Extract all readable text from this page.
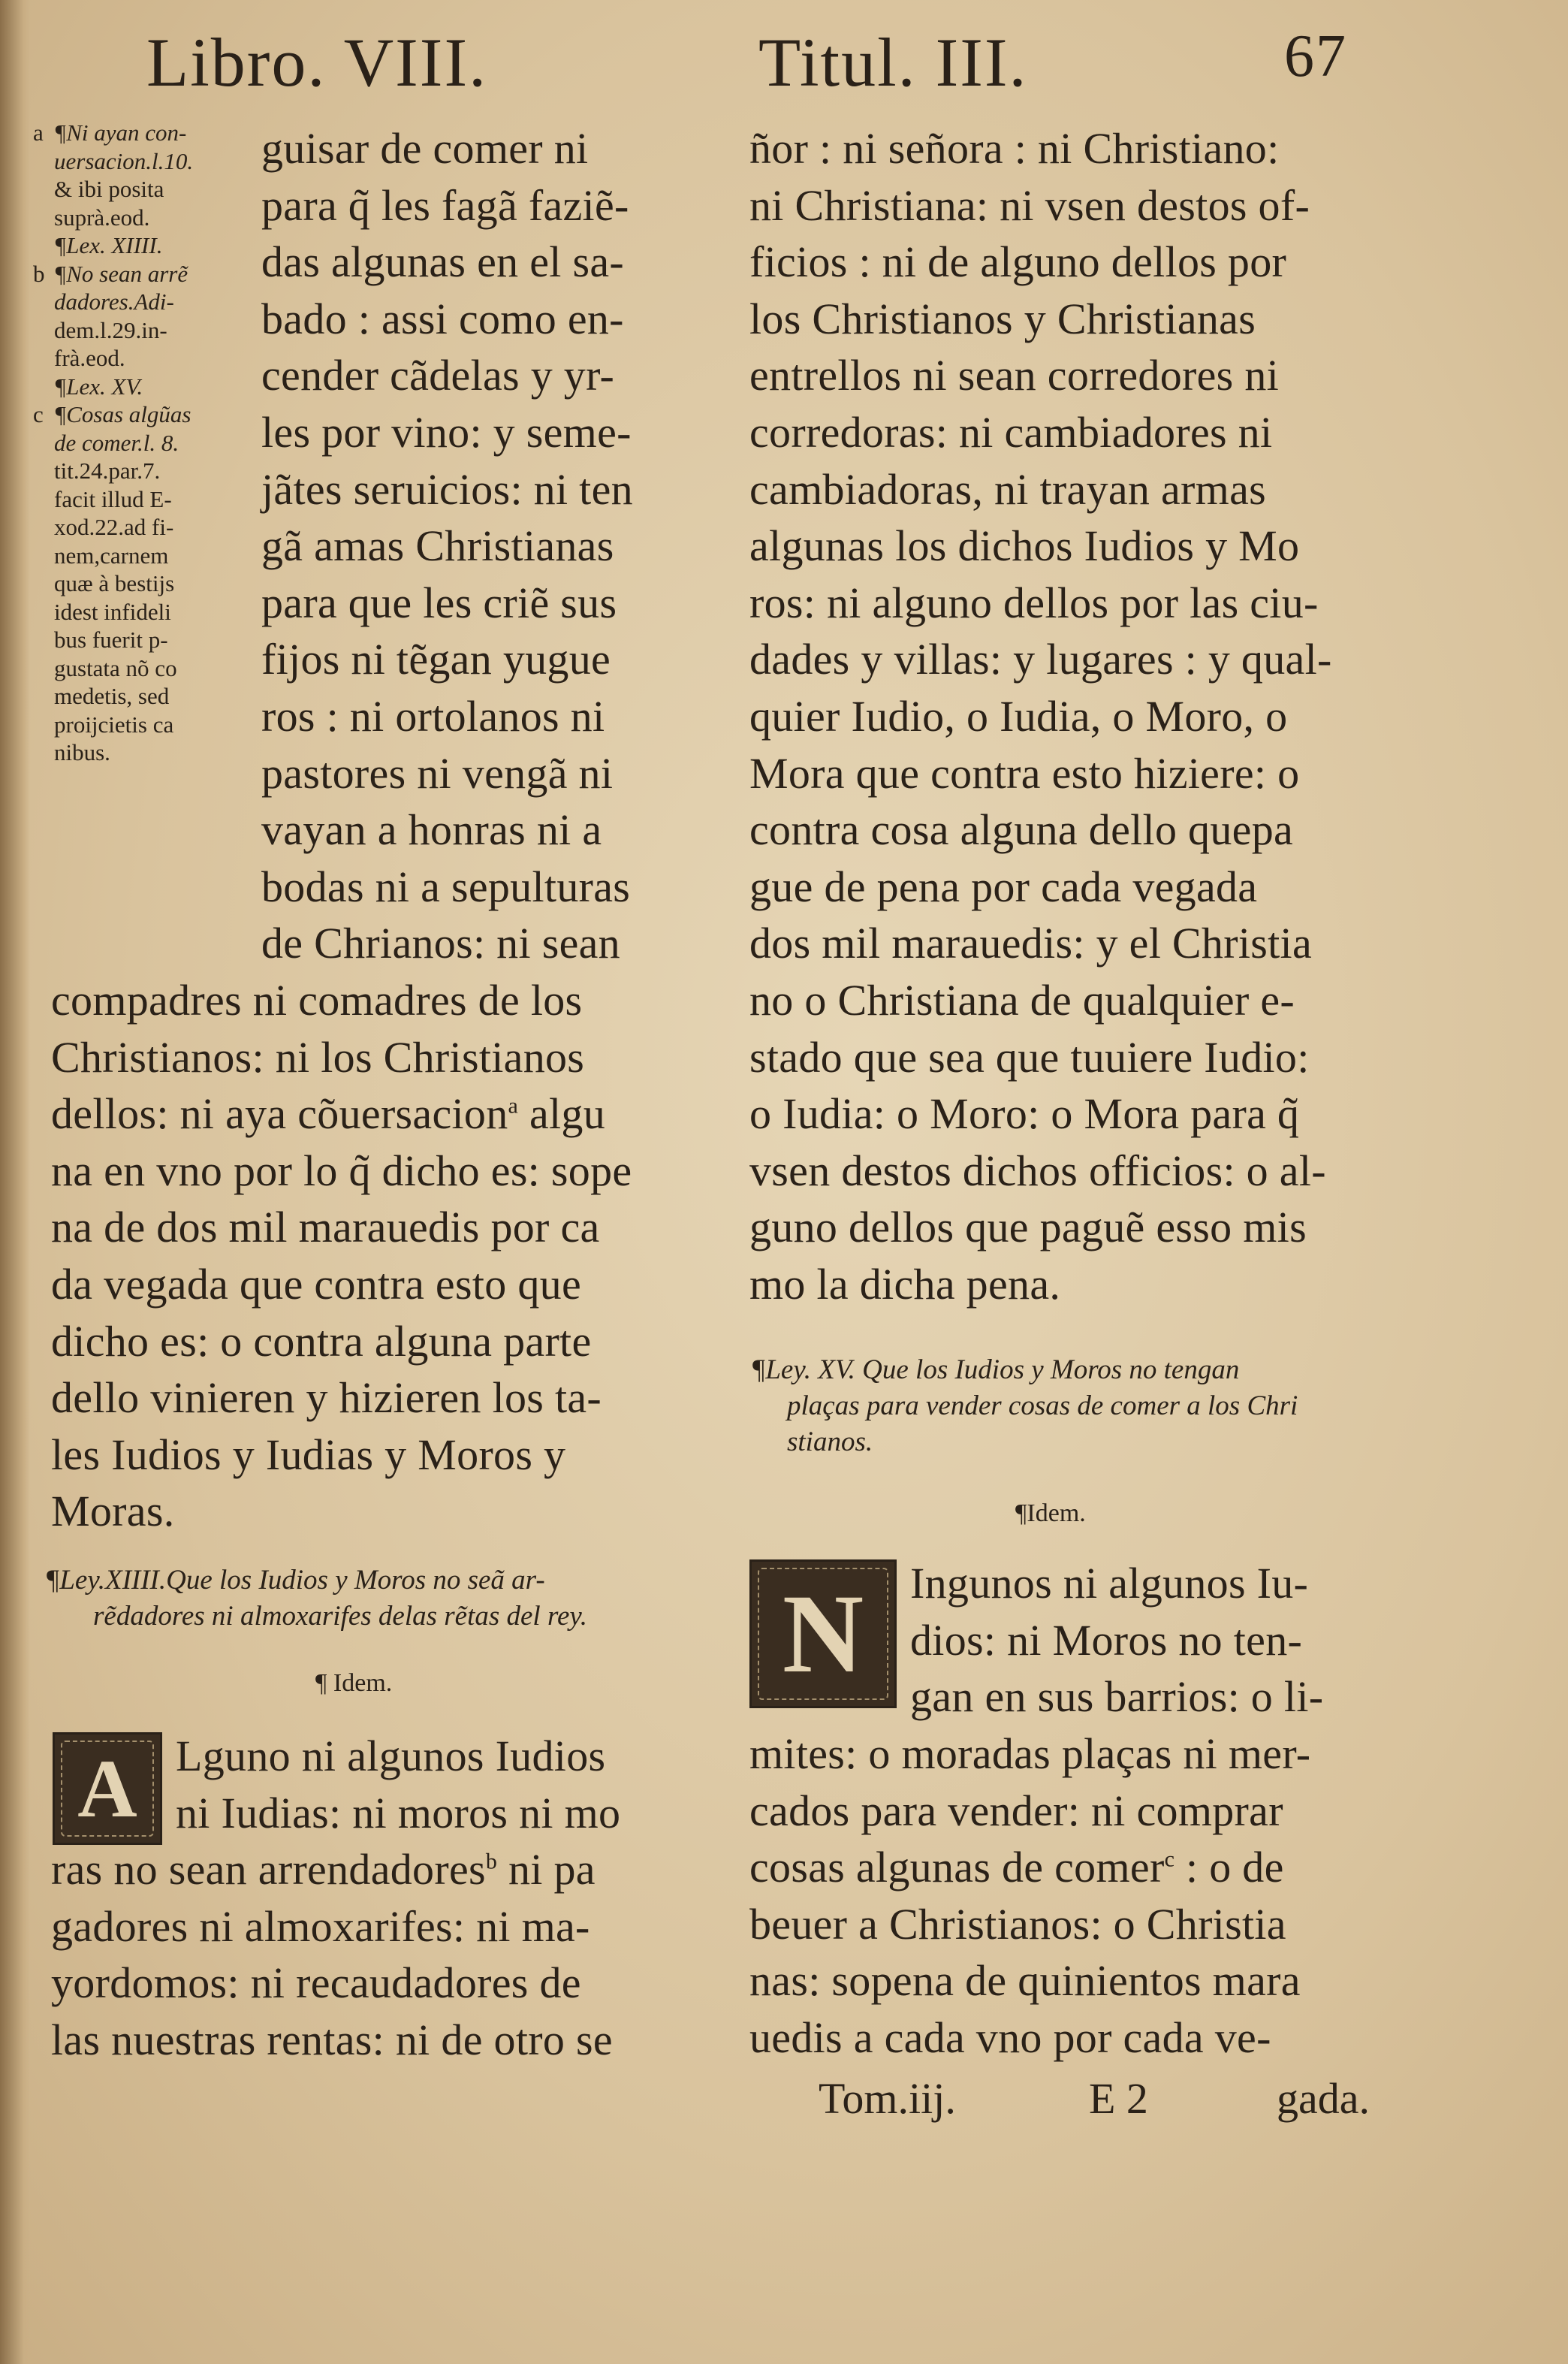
Libro. VIII.	Titul. III.	67
a ¶Ni ayan con-
uersacion.l.10.
& ibi posita
suprà.eod.
¶Lex. XIIII.
b ¶No sean arrẽ
dadores.Adi-
dem.l.29.in-
frà.eod.
¶Lex. XV.
c ¶Cosas algũas
de comer.l. 8.
tit.24.par.7.
facit illud E-
xod.22.ad fi-
nem,carnem
quæ à bestijs
idest infideli
bus fuerit p-
gustata nõ co
medetis, sed
proijcietis ca
nibus.
guisar de comer ni
para q̃ les fagã faziẽ-
das algunas en el sa-
bado : assi como en-
cender cãdelas y yr-
les por vino: y seme-
jãtes seruicios: ni ten
gã amas Christianas
para que les criẽ sus
fijos ni tẽgan yugue
ros : ni ortolanos ni
pastores ni vengã ni
vayan a honras ni a
bodas ni a sepulturas
de Chrianos: ni sean
compadres ni comadres de los
Christianos: ni los Christianos
dellos: ni aya cõuersacion$^a$ algu
na en vno por lo q̃ dicho es: sope
na de dos mil marauedis por ca
da vegada que contra esto que
dicho es: o contra alguna parte
dello vinieren y hizieren los ta-
les Iudios y Iudias y Moros y
Moras.
¶Ley.XIIII.Que los Iudios y Moros no seã ar-
rẽdadores ni almoxarifes delas rẽtas del rey.
¶ Idem.
A Lguno ni algunos Iudios
ni Iudias: ni moros ni mo
ras no sean arrendadores$^b$ ni pa
gadores ni almoxarifes: ni ma-
yordomos: ni recaudadores de
las nuestras rentas: ni de otro se
ñor : ni señora : ni Christiano:
ni Christiana: ni vsen destos of-
ficios : ni de alguno dellos por
los Christianos y Christianas
entrellos ni sean corredores ni
corredoras: ni cambiadores ni
cambiadoras, ni trayan armas
algunas los dichos Iudios y Mo
ros: ni alguno dellos por las ciu-
dades y villas: y lugares : y qual-
quier Iudio, o Iudia, o Moro, o
Mora que contra esto hiziere: o
contra cosa alguna dello quepa
gue de pena por cada vegada
dos mil marauedis: y el Christia
no o Christiana de qualquier e-
stado que sea que tuuiere Iudio:
o Iudia: o Moro: o Mora para q̃
vsen destos dichos officios: o al-
guno dellos que paguẽ esso mis
mo la dicha pena.
¶Ley. XV. Que los Iudios y Moros no tengan
plaças para vender cosas de comer a los Chri
stianos.
¶Idem.
N Ingunos ni algunos Iu-
dios: ni Moros no ten-
gan en sus barrios: o li-
mites: o moradas plaças ni mer-
cados para vender: ni comprar
cosas algunas de comer$^c$ : o de
beuer a Christianos: o Christia
nas: sopena de quinientos mara
uedis a cada vno por cada ve-
Tom.iij.	E 2	gada.
